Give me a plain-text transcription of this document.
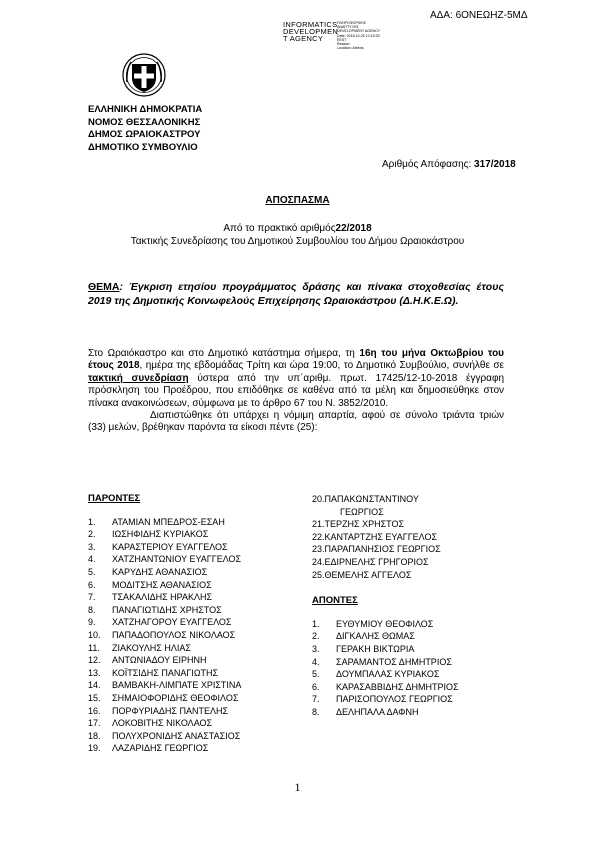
ΑΔΑ: 6ΟΝΕΩΗΖ-5ΜΔ
INFORMATICS
DEVELOPMEN
T AGENCY
ΠΛΗΡΟΦΟΡΙΚΗΣ
ΑΝΑΠΤΥΞΗΣ
DEVELOPMENT AGENCY
Date: 2018.10.25 12:15:33
EEST
Reason:
Location: Athens
ΕΛΛΗΝΙΚΗ ΔΗΜΟΚΡΑΤΙΑ
ΝΟΜΟΣ ΘΕΣΣΑΛΟΝΙΚΗΣ
ΔΗΜΟΣ ΩΡΑΙΟΚΑΣΤΡΟΥ
ΔΗΜΟΤΙΚΟ ΣΥΜΒΟΥΛΙΟ
Αριθμός Απόφασης: 317/2018
ΑΠΟΣΠΑΣΜΑ
Από το πρακτικό αριθμός22/2018
Τακτικής Συνεδρίασης του Δημοτικού Συμβουλίου του Δήμου Ωραιοκάστρου
ΘΕΜΑ: Έγκριση ετησίου προγράμματος δράσης και πίνακα στοχοθεσίας έτους 2019 της Δημοτικής Κοινωφελούς Επιχείρησης Ωραιοκάστρου (Δ.Η.Κ.Ε.Ω).
Στο Ωραιόκαστρο και στο Δημοτικό κατάστημα σήμερα, τη 16η του μήνα Οκτωβρίου του έτους 2018, ημέρα της εβδομάδας Τρίτη και ώρα 19:00, το Δημοτικό Συμβούλιο, συνήλθε σε τακτική συνεδρίαση ύστερα από την υπ΄αριθμ. πρωτ. 17425/12-10-2018 έγγραφη πρόσκληση του Προέδρου, που επιδόθηκε σε καθένα από τα μέλη και δημοσιεύθηκε στον πίνακα ανακοινώσεων, σύμφωνα με το άρθρο 67 του Ν. 3852/2010.
Διαπιστώθηκε ότι υπάρχει η νόμιμη απαρτία, αφού σε σύνολο τριάντα τριών (33) μελών, βρέθηκαν παρόντα τα είκοσι πέντε (25):
ΠΑΡΟΝΤΕΣ
1.	ΑΤΑΜΙΑΝ ΜΠΕΔΡΟΣ-ΕΣΑΗ
2.	ΙΩΣΗΦΙΔΗΣ ΚΥΡΙΑΚΟΣ
3.	ΚΑΡΑΣΤΕΡΙΟΥ ΕΥΑΓΓΕΛΟΣ
4.	ΧΑΤΖΗΑΝΤΩΝΙΟΥ ΕΥΑΓΓΕΛΟΣ
5.	ΚΑΡΥΔΗΣ ΑΘΑΝΑΣΙΟΣ
6.	ΜΟΔΙΤΣΗΣ ΑΘΑΝΑΣΙΟΣ
7.	ΤΣΑΚΑΛΙΔΗΣ ΗΡΑΚΛΗΣ
8.	ΠΑΝΑΓΙΩΤΙΔΗΣ ΧΡΗΣΤΟΣ
9.	ΧΑΤΖΗΑΓΟΡΟΥ ΕΥΑΓΓΕΛΟΣ
10.	ΠΑΠΑΔΟΠΟΥΛΟΣ ΝΙΚΟΛΑΟΣ
11.	ΖΙΑΚΟΥΛΗΣ ΗΛΙΑΣ
12.	ΑΝΤΩΝΙΑΔΟΥ ΕΙΡΗΝΗ
13.	ΚΟΪΤΣΙΔΗΣ ΠΑΝΑΓΙΩΤΗΣ
14.	ΒΑΜΒΑΚΗ-ΛΙΜΠΑΤΕ ΧΡΙΣΤΙΝΑ
15.	ΣΗΜΑΙΟΦΟΡΙΔΗΣ ΘΕΟΦΙΛΟΣ
16.	ΠΟΡΦΥΡΙΑΔΗΣ ΠΑΝΤΕΛΗΣ
17.	ΛΟΚΟΒΙΤΗΣ ΝΙΚΟΛΑΟΣ
18.	ΠΟΛΥΧΡΟΝΙΔΗΣ ΑΝΑΣΤΑΣΙΟΣ
19.	ΛΑΖΑΡΙΔΗΣ ΓΕΩΡΓΙΟΣ
20.ΠΑΠΑΚΩΝΣΤΑΝΤΙΝΟΥ
ΓΕΩΡΓΙΟΣ
21.ΤΕΡΖΗΣ ΧΡΗΣΤΟΣ
22.ΚΑΝΤΑΡΤΖΗΣ ΕΥΑΓΓΕΛΟΣ
23.ΠΑΡΑΠΑΝΗΣΙΟΣ ΓΕΩΡΓΙΟΣ
24.ΕΔΙΡΝΕΛΗΣ ΓΡΗΓΟΡΙΟΣ
25.ΘΕΜΕΛΗΣ ΑΓΓΕΛΟΣ
ΑΠΟΝΤΕΣ
1.	ΕΥΘΥΜΙΟΥ ΘΕΟΦΙΛΟΣ
2.	ΔΙΓΚΑΛΗΣ ΘΩΜΑΣ
3.	ΓΕΡΑΚΗ ΒΙΚΤΩΡΙΑ
4.	ΣΑΡΑΜΑΝΤΟΣ ΔΗΜΗΤΡΙΟΣ
5.	ΔΟΥΜΠΑΛΑΣ ΚΥΡΙΑΚΟΣ
6.	ΚΑΡΑΣΑΒΒΙΔΗΣ ΔΗΜΗΤΡΙΟΣ
7.	ΠΑΡΙΣΟΠΟΥΛΟΣ ΓΕΩΡΓΙΟΣ
8.	ΔΕΛΗΠΑΛΑ ΔΑΦΝΗ
1
